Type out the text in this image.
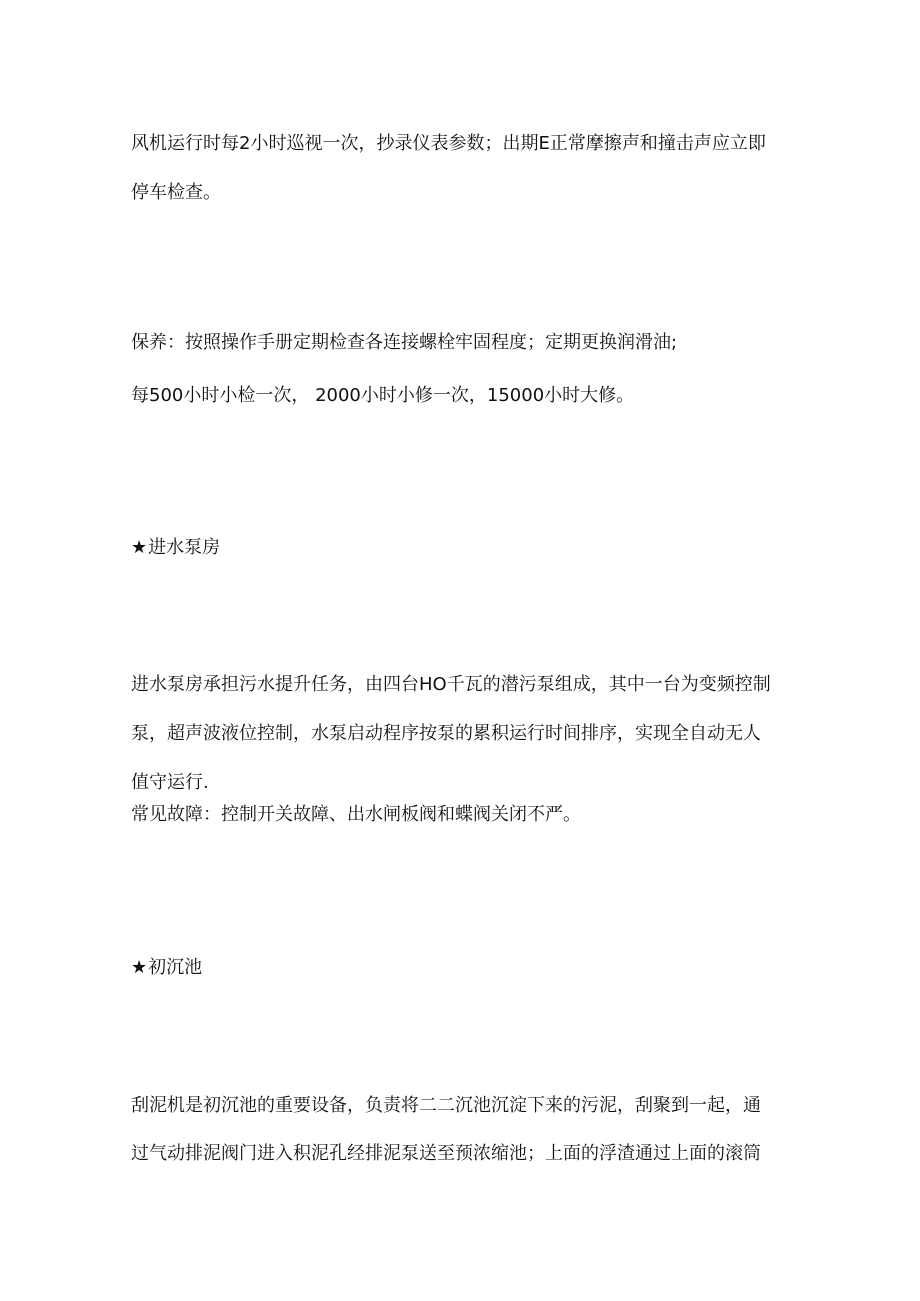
风机运行时每2小时巡视一次，抄录仪表参数；出期E正常摩擦声和撞击声应立即
停车检查。
保养：按照操作手册定期检查各连接螺栓牢固程度；定期更换润滑油;
每500小时小检一次， 2000小时小修一次，15000小时大修。
★进水泵房
进水泵房承担污水提升任务，由四台HO千瓦的潜污泵组成，其中一台为变频控制
泵，超声波液位控制，水泵启动程序按泵的累积运行时间排序，实现全自动无人
值守运行.
常见故障：控制开关故障、出水闸板阀和蝶阀关闭不严。
★初沉池
刮泥机是初沉池的重要设备，负责将二二沉池沉淀下来的污泥，刮聚到一起，通
过气动排泥阀门进入积泥孔经排泥泵送至预浓缩池；上面的浮渣通过上面的滚筒
